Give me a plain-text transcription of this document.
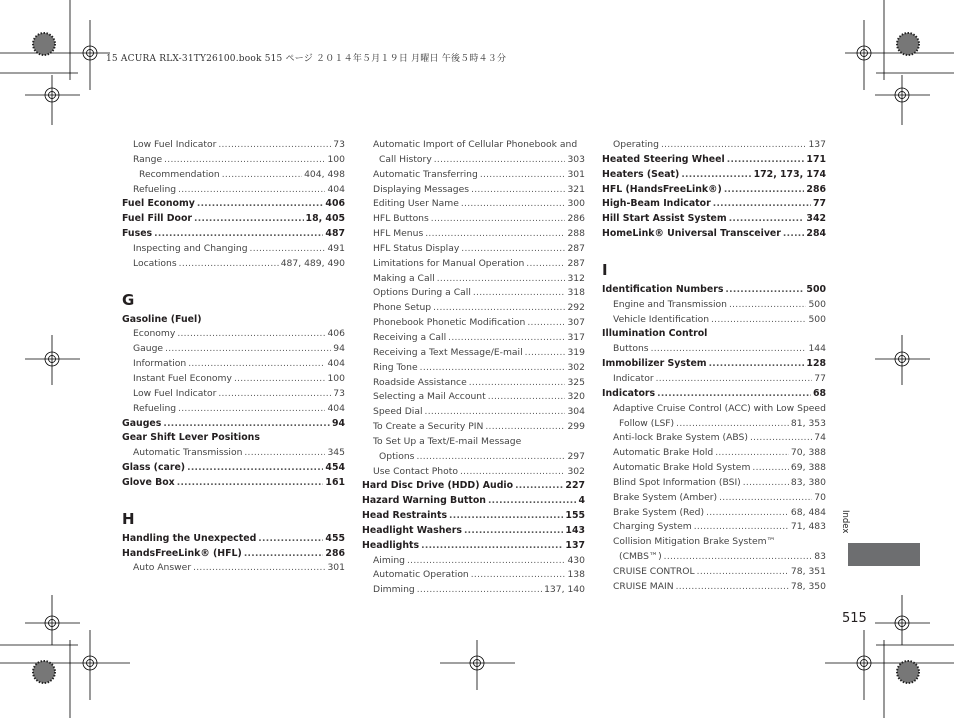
15 ACURA RLX-31TY26100.book 515 ページ ２０１４年５月１９日 月曜日 午後５時４３分
Low Fuel Indicator .....	73
Range .....	100
Recommendation .....	404, 498
Refueling .....	404
Fuel Economy .....	406
Fuel Fill Door .....	18, 405
Fuses .....	487
Inspecting and Changing .....	491
Locations .....	487, 489, 490
G
Gasoline (Fuel)
Economy .....	406
Gauge .....	94
Information .....	404
Instant Fuel Economy .....	100
Low Fuel Indicator .....	73
Refueling .....	404
Gauges .....	94
Gear Shift Lever Positions
Automatic Transmission .....	345
Glass (care) .....	454
Glove Box .....	161
H
Handling the Unexpected .....	455
HandsFreeLink® (HFL) .....	286
Auto Answer .....	301
Automatic Import of Cellular Phonebook and
Call History .....	303
Automatic Transferring .....	301
Displaying Messages .....	321
Editing User Name .....	300
HFL Buttons .....	286
HFL Menus .....	288
HFL Status Display .....	287
Limitations for Manual Operation .....	287
Making a Call .....	312
Options During a Call .....	318
Phone Setup .....	292
Phonebook Phonetic Modification .....	307
Receiving a Call .....	317
Receiving a Text Message/E-mail .....	319
Ring Tone .....	302
Roadside Assistance .....	325
Selecting a Mail Account .....	320
Speed Dial .....	304
To Create a Security PIN .....	299
To Set Up a Text/E-mail Message
Options .....	297
Use Contact Photo .....	302
Hard Disc Drive (HDD) Audio .....	227
Hazard Warning Button .....	4
Head Restraints .....	155
Headlight Washers .....	143
Headlights .....	137
Aiming .....	430
Automatic Operation .....	138
Dimming .....	137, 140
Operating .....	137
Heated Steering Wheel .....	171
Heaters (Seat) .....	172, 173, 174
HFL (HandsFreeLink®) .....	286
High-Beam Indicator .....	77
Hill Start Assist System .....	342
HomeLink® Universal Transceiver .....	284
I
Identification Numbers .....	500
Engine and Transmission .....	500
Vehicle Identification .....	500
Illumination Control
Buttons .....	144
Immobilizer System .....	128
Indicator .....	77
Indicators .....	68
Adaptive Cruise Control (ACC) with Low Speed
Follow (LSF) .....	81, 353
Anti-lock Brake System (ABS) .....	74
Automatic Brake Hold .....	70, 388
Automatic Brake Hold System .....	69, 388
Blind Spot Information (BSI) .....	83, 380
Brake System (Amber) .....	70
Brake System (Red) .....	68, 484
Charging System .....	71, 483
Collision Mitigation Brake System™
(CMBS™) .....	83
CRUISE CONTROL .....	78, 351
CRUISE MAIN .....	78, 350
Index
515
